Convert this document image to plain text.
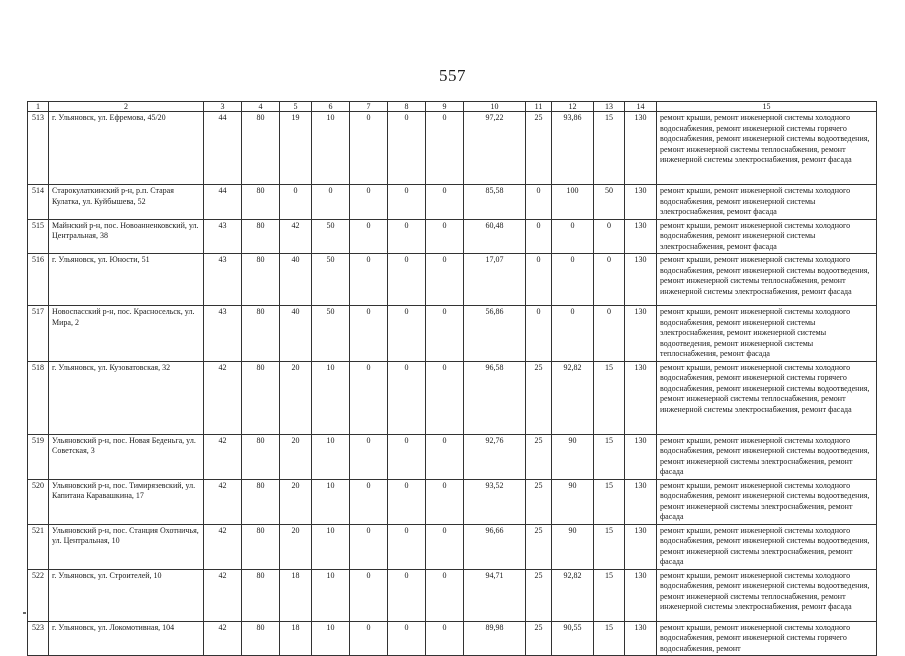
557
1	2	3	4	5	6	7	8	9	10	11	12	13	14	15
513	г. Ульяновск, ул. Ефремова, 45/20	44	80	19	10	0	0	0	97,22	25	93,86	15	130	ремонт крыши, ремонт инженерной системы холодного водоснабжения, ремонт инженерной системы горячего водоснабжения, ремонт инженерной системы водоотведения, ремонт инженерной системы теплоснабжения, ремонт инженерной системы электроснабжения, ремонт фасада
514	Старокулаткинский р-н, р.п. Старая Кулатка, ул. Куйбышева, 52	44	80	0	0	0	0	0	85,58	0	100	50	130	ремонт крыши, ремонт инженерной системы холодного водоснабжения, ремонт инженерной системы электроснабжения, ремонт фасада
515	Майнский р-н, пос. Новоанненковский, ул. Центральная, 38	43	80	42	50	0	0	0	60,48	0	0	0	130	ремонт крыши, ремонт инженерной системы холодного водоснабжения, ремонт инженерной системы электроснабжения, ремонт фасада
516	г. Ульяновск, ул. Юности, 51	43	80	40	50	0	0	0	17,07	0	0	0	130	ремонт крыши, ремонт инженерной системы холодного водоснабжения, ремонт инженерной системы водоотведения, ремонт инженерной системы теплоснабжения, ремонт инженерной системы электроснабжения, ремонт фасада
517	Новоспасский р-н, пос. Красносельск, ул. Мира, 2	43	80	40	50	0	0	0	56,86	0	0	0	130	ремонт крыши, ремонт инженерной системы холодного водоснабжения, ремонт инженерной системы электроснабжения, ремонт инженерной системы водоотведения, ремонт инженерной системы теплоснабжения, ремонт фасада
518	г. Ульяновск, ул. Кузоватовская, 32	42	80	20	10	0	0	0	96,58	25	92,82	15	130	ремонт крыши, ремонт инженерной системы холодного водоснабжения, ремонт инженерной системы горячего водоснабжения, ремонт инженерной системы водоотведения, ремонт инженерной системы теплоснабжения, ремонт инженерной системы электроснабжения, ремонт фасада
519	Ульяновский р-н, пос. Новая Беденьга, ул. Советская, 3	42	80	20	10	0	0	0	92,76	25	90	15	130	ремонт крыши, ремонт инженерной системы холодного водоснабжения, ремонт инженерной системы водоотведения, ремонт инженерной системы электроснабжения, ремонт фасада
520	Ульяновский р-н, пос. Тимирязевский, ул. Капитана Каравашкина, 17	42	80	20	10	0	0	0	93,52	25	90	15	130	ремонт крыши, ремонт инженерной системы холодного водоснабжения, ремонт инженерной системы водоотведения, ремонт инженерной системы электроснабжения, ремонт фасада
521	Ульяновский р-н, пос. Станция Охотничья, ул. Центральная, 10	42	80	20	10	0	0	0	96,66	25	90	15	130	ремонт крыши, ремонт инженерной системы холодного водоснабжения, ремонт инженерной системы водоотведения, ремонт инженерной системы электроснабжения, ремонт фасада
522	г. Ульяновск, ул. Строителей, 10	42	80	18	10	0	0	0	94,71	25	92,82	15	130	ремонт крыши, ремонт инженерной системы холодного водоснабжения, ремонт инженерной системы водоотведения, ремонт инженерной системы теплоснабжения, ремонт инженерной системы электроснабжения, ремонт фасада
523	г. Ульяновск, ул. Локомотивная, 104	42	80	18	10	0	0	0	89,98	25	90,55	15	130	ремонт крыши, ремонт инженерной системы холодного водоснабжения, ремонт инженерной системы горячего водоснабжения, ремонт
